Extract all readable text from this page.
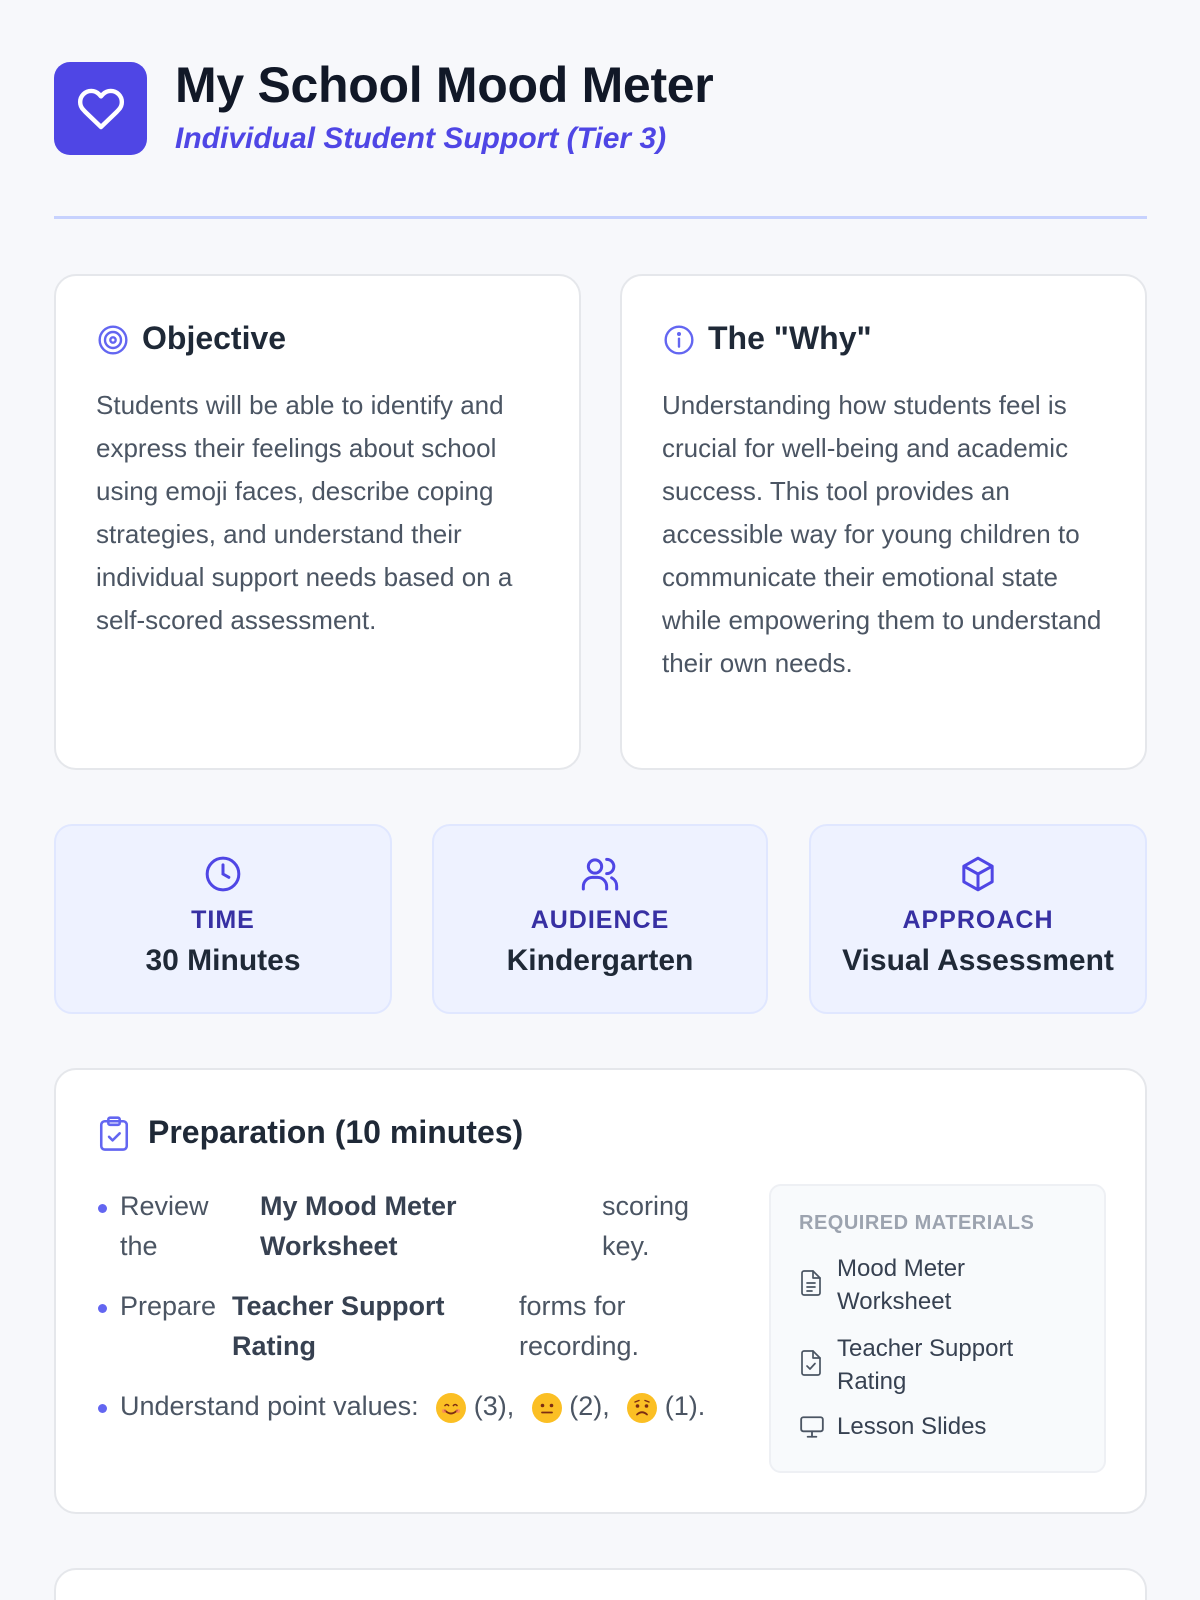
My School Mood Meter
Individual Student Support (Tier 3)
Objective
Students will be able to identify and express their feelings about school using emoji faces, describe coping strategies, and understand their individual support needs based on a self-scored assessment.
The "Why"
Understanding how students feel is crucial for well-being and academic success. This tool provides an accessible way for young children to communicate their emotional state while empowering them to understand their own needs.
TIME
30 Minutes
AUDIENCE
Kindergarten
APPROACH
Visual Assessment
Preparation (10 minutes)
Review the
My Mood Meter Worksheet
scoring key.
Prepare Teacher Support Rating
forms for recording.
Understand point values: (3), (2), (1).
REQUIRED MATERIALS
Mood Meter Worksheet
Teacher Support Rating
Lesson Slides
